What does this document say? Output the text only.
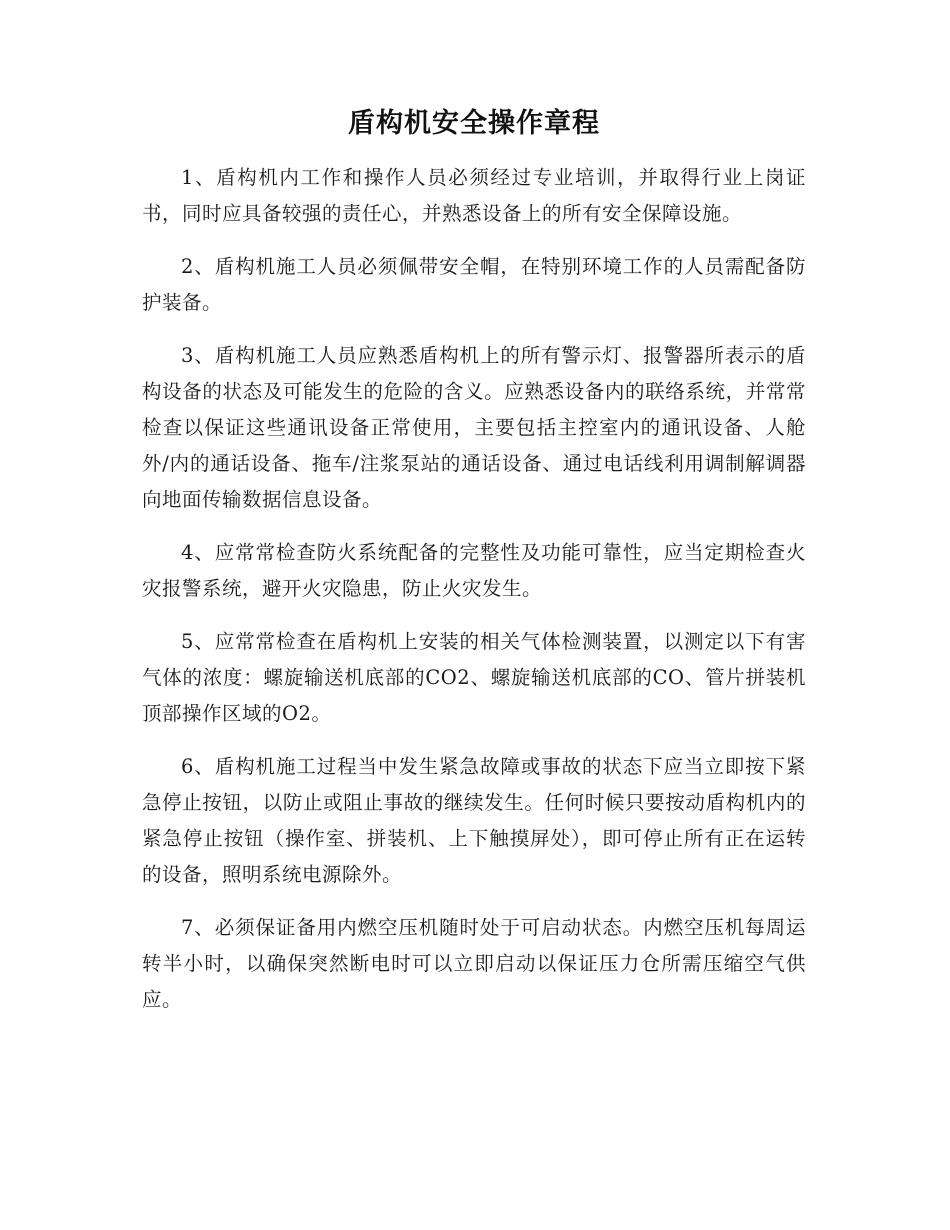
盾构机安全操作章程

1、盾构机内工作和操作人员必须经过专业培训，并取得行业上岗证书，同时应具备较强的责任心，并熟悉设备上的所有安全保障设施。

2、盾构机施工人员必须佩带安全帽，在特别环境工作的人员需配备防护装备。

3、盾构机施工人员应熟悉盾构机上的所有警示灯、报警器所表示的盾构设备的状态及可能发生的危险的含义。应熟悉设备内的联络系统，并常常检查以保证这些通讯设备正常使用，主要包括主控室内的通讯设备、人舱外/内的通话设备、拖车/注浆泵站的通话设备、通过电话线利用调制解调器向地面传输数据信息设备。

4、应常常检查防火系统配备的完整性及功能可靠性，应当定期检查火灾报警系统，避开火灾隐患，防止火灾发生。

5、应常常检查在盾构机上安装的相关气体检测装置，以测定以下有害气体的浓度：螺旋输送机底部的CO2、螺旋输送机底部的CO、管片拼装机顶部操作区域的O2。

6、盾构机施工过程当中发生紧急故障或事故的状态下应当立即按下紧急停止按钮，以防止或阻止事故的继续发生。任何时候只要按动盾构机内的紧急停止按钮（操作室、拼装机、上下触摸屏处），即可停止所有正在运转的设备，照明系统电源除外。

7、必须保证备用内燃空压机随时处于可启动状态。内燃空压机每周运转半小时，以确保突然断电时可以立即启动以保证压力仓所需压缩空气供应。
